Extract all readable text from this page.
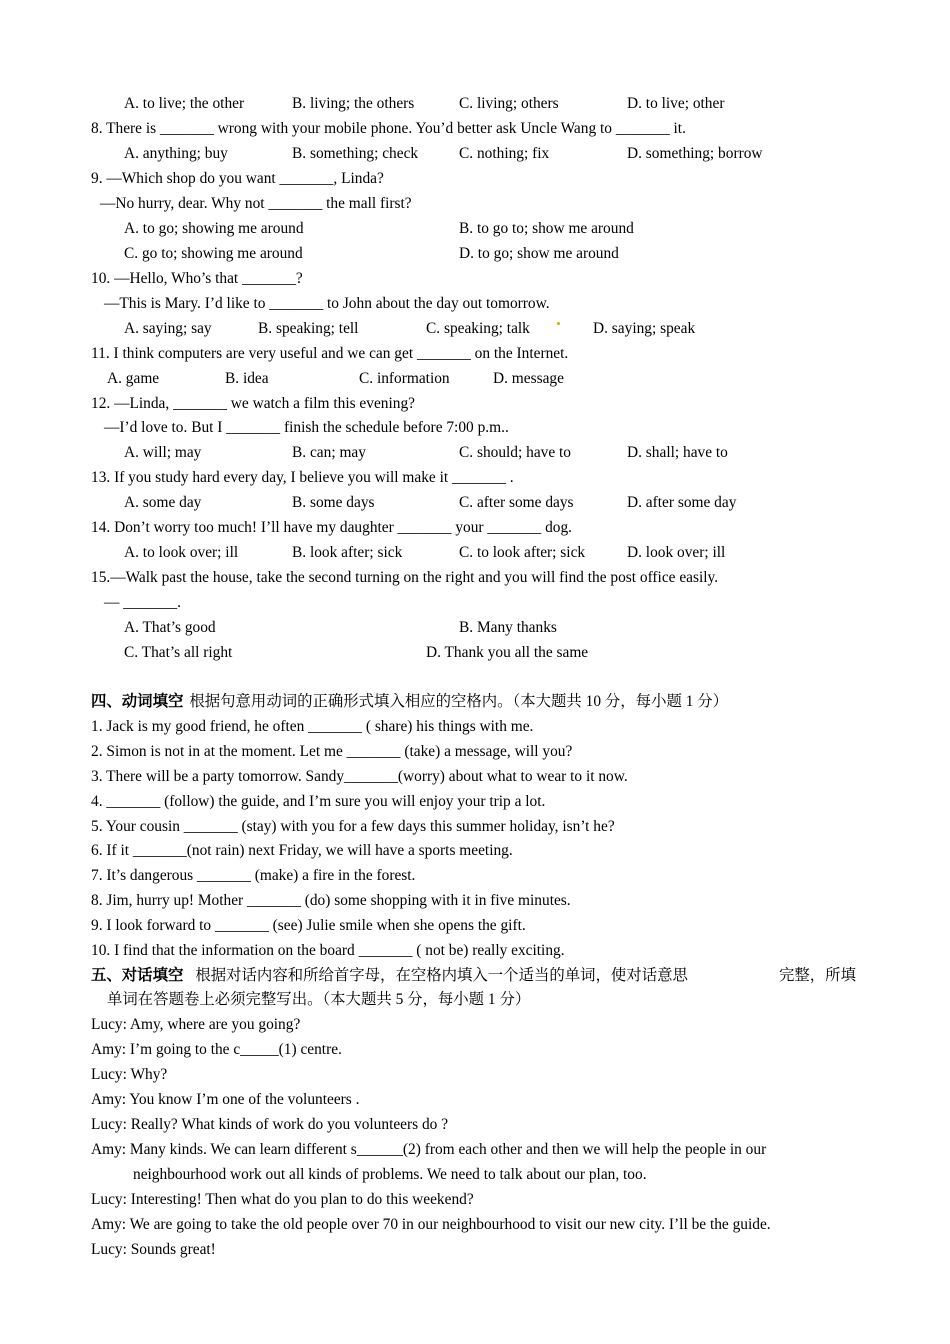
A. to live; the other	B. living; the others	C. living; others	D. to live; other
8. There is _______ wrong with your mobile phone. You’d better ask Uncle Wang to _______ it.
A. anything; buy	B. something; check	C. nothing; fix	D. something; borrow
9. —Which shop do you want _______, Linda?
—No hurry, dear. Why not _______ the mall first?
A. to go; showing me around	B. to go to; show me around
C. go to; showing me around	D. to go; show me around
10. —Hello, Who’s that _______?
—This is Mary. I’d like to _______ to John about the day out tomorrow.
A. saying; say	B. speaking; tell	C. speaking; talk	D. saying; speak
11. I think computers are very useful and we can get _______ on the Internet.
A. game	B. idea	C. information	D. message
12. —Linda, _______ we watch a film this evening?
—I’d love to. But I _______ finish the schedule before 7:00 p.m..
A. will; may	B. can; may	C. should; have to	D. shall; have to
13. If you study hard every day, I believe you will make it _______ .
A. some day	B. some days	C. after some days	D. after some day
14. Don’t worry too much! I’ll have my daughter _______ your _______ dog.
A. to look over; ill	B. look after; sick	C. to look after; sick	D. look over; ill
15.—Walk past the house, take the second turning on the right and you will find the post office easily.
— _______.
A. That’s good	B. Many thanks
C. That’s all right	D. Thank you all the same
四、动词填空 根据句意用动词的正确形式填入相应的空格内。（本大题共 10 分，每小题 1 分）
1. Jack is my good friend, he often _______ ( share) his things with me.
2. Simon is not in at the moment. Let me _______ (take) a message, will you?
3. There will be a party tomorrow. Sandy_______(worry) about what to wear to it now.
4. _______ (follow) the guide, and I’m sure you will enjoy your trip a lot.
5. Your cousin _______ (stay) with you for a few days this summer holiday, isn’t he?
6. If it _______(not rain) next Friday, we will have a sports meeting.
7. It’s dangerous _______ (make) a fire in the forest.
8. Jim, hurry up! Mother _______ (do) some shopping with it in five minutes.
9. I look forward to _______ (see) Julie smile when she opens the gift.
10. I find that the information on the board _______ ( not be) really exciting.
五、对话填空 根据对话内容和所给首字母，在空格内填入一个适当的单词，使对话意思	完整，所填
单词在答题卷上必须完整写出。（本大题共 5 分，每小题 1 分）
Lucy: Amy, where are you going?
Amy: I’m going to the c_____(1) centre.
Lucy: Why?
Amy: You know I’m one of the volunteers .
Lucy: Really? What kinds of work do you volunteers do ?
Amy: Many kinds. We can learn different s______(2) from each other and then we will help the people in our
neighbourhood work out all kinds of problems. We need to talk about our plan, too.
Lucy: Interesting! Then what do you plan to do this weekend?
Amy: We are going to take the old people over 70 in our neighbourhood to visit our new city. I’ll be the guide.
Lucy: Sounds great!
